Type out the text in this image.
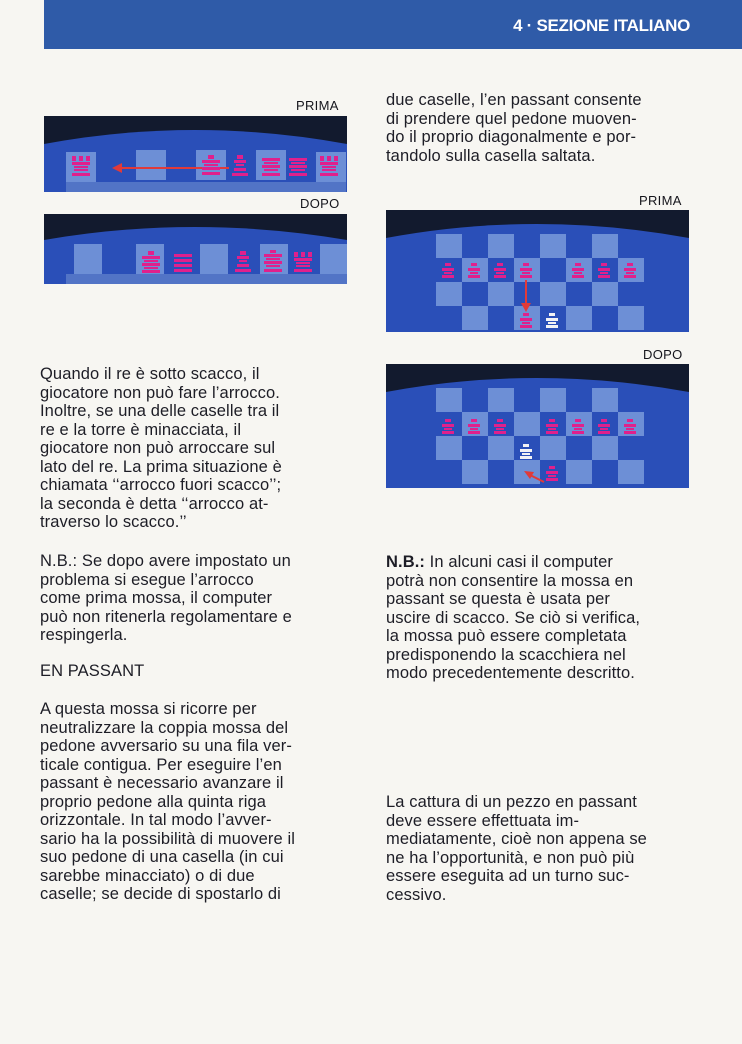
4 · SEZIONE ITALIANO
PRIMA
DOPO	PRIMA
DOPO
due caselle, l’en passant consente
di prendere quel pedone muoven-
do il proprio diagonalmente e por-
tandolo sulla casella saltata.
Quando il re è sotto scacco, il
giocatore non può fare l’arrocco.
Inoltre, se una delle caselle tra il
re e la torre è minacciata, il
giocatore non può arroccare sul
lato del re. La prima situazione è
chiamata ‘‘arrocco fuori scacco’’;
la seconda è detta ‘‘arrocco at-
traverso lo scacco.’’
N.B.: Se dopo avere impostato un
problema si esegue l’arrocco
come prima mossa, il computer
può non ritenerla regolamentare e
respingerla.
EN PASSANT
A questa mossa si ricorre per
neutralizzare la coppia mossa del
pedone avversario su una fila ver-
ticale contigua. Per eseguire l’en
passant è necessario avanzare il
proprio pedone alla quinta riga
orizzontale. In tal modo l’avver-
sario ha la possibilità di muovere il
suo pedone di una casella (in cui
sarebbe minacciato) o di due
caselle; se decide di spostarlo di
N.B.: In alcuni casi il computer
potrà non consentire la mossa en
passant se questa è usata per
uscire di scacco. Se ciò si verifica,
la mossa può essere completata
predisponendo la scacchiera nel
modo precedentemente descritto.
La cattura di un pezzo en passant
deve essere effettuata im-
mediatamente, cioè non appena se
ne ha l’opportunità, e non può più
essere eseguita ad un turno suc-
cessivo.
